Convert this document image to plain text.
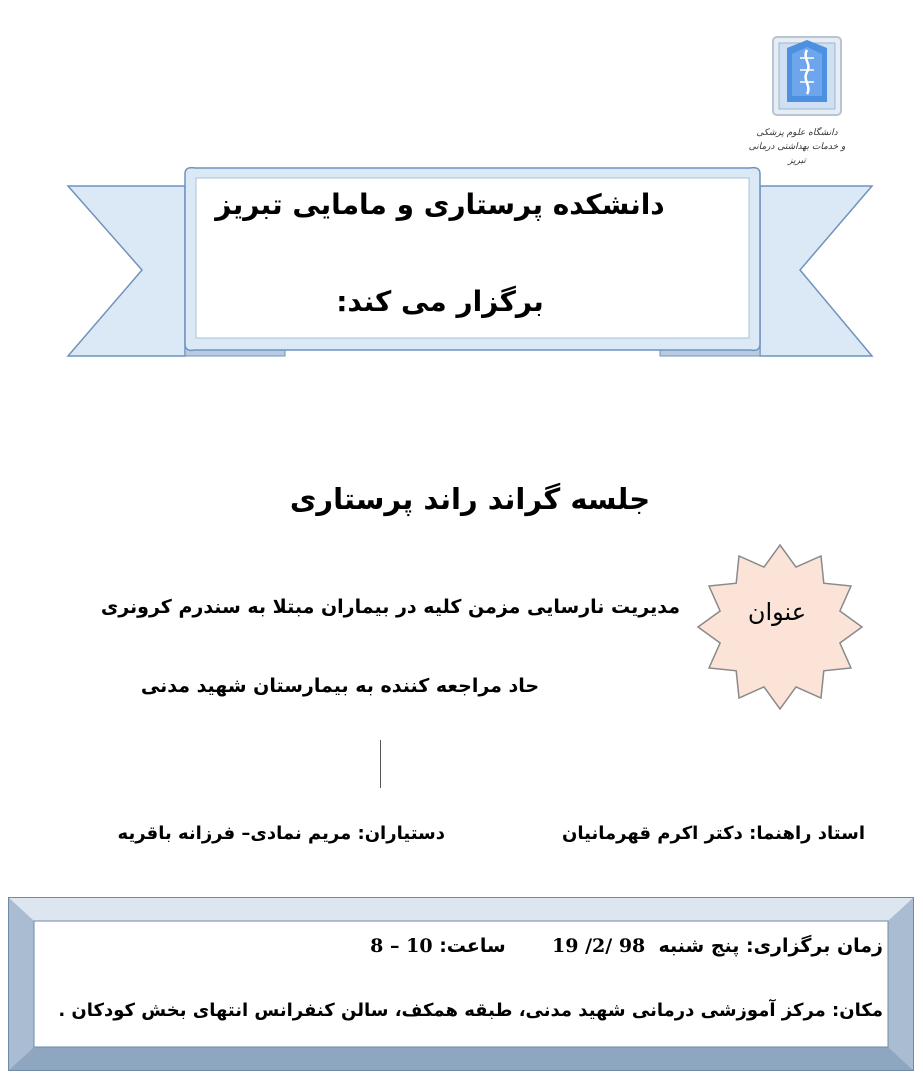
دانشگاه علوم پزشکی
و خدمات بهداشتی درمانی تبریز
دانشکده پرستاری و مامایی تبریز
برگزار می کند:
جلسه گراند راند پرستاری
عنوان
مدیریت نارسایی مزمن کلیه در بیماران مبتلا به سندرم کرونری
حاد مراجعه کننده به بیمارستان شهید مدنی
استاد راهنما: دکتر اکرم قهرمانیان
دستیاران: مریم نمادی– فرزانه باقریه
زمان برگزاری: پنج شنبه  98 /2/ 19       ساعت: 10 – 8
مکان: مرکز آموزشی درمانی شهید مدنی، طبقه همکف، سالن کنفرانس انتهای بخش کودکان .
